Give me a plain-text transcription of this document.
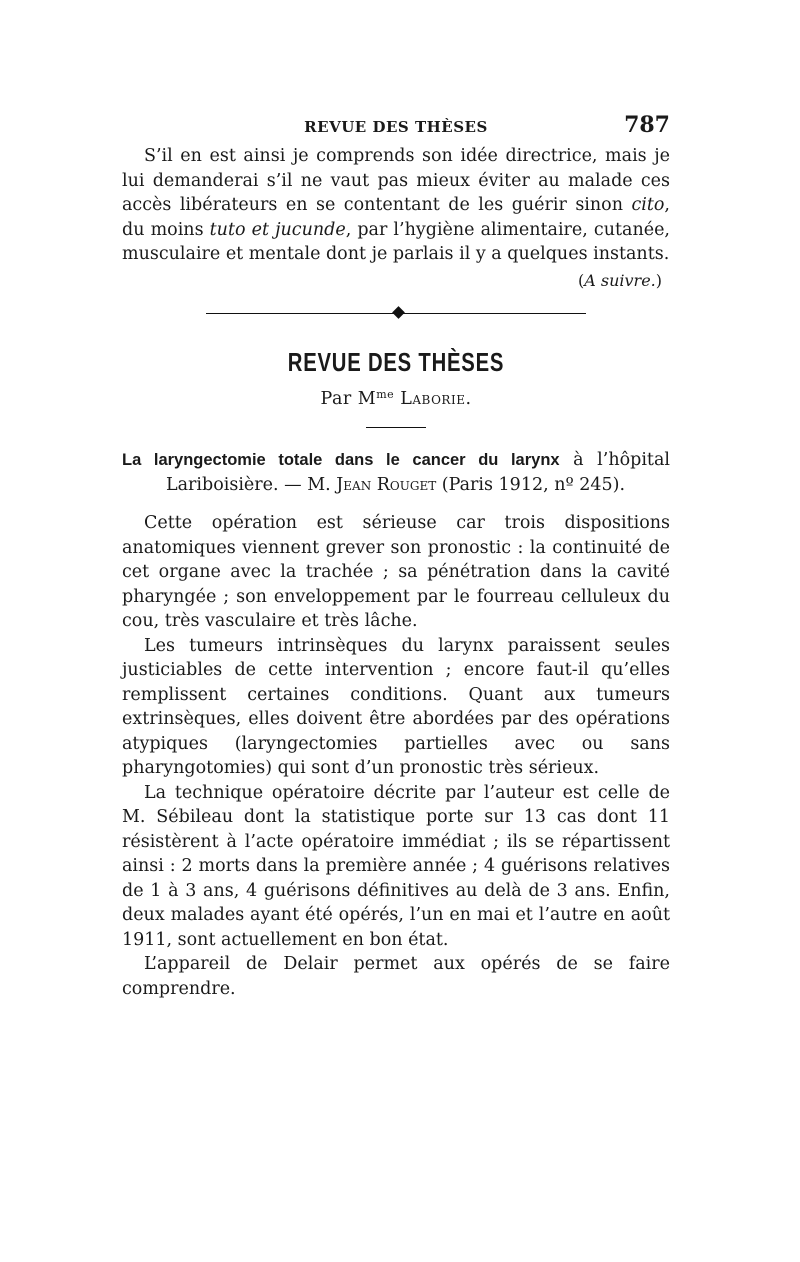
REVUE DES THÈSES	787

S’il en est ainsi je comprends son idée directrice, mais je lui demanderai s’il ne vaut pas mieux éviter au malade ces accès libérateurs en se contentant de les guérir sinon cito, du moins tuto et jucunde, par l’hygiène alimentaire, cutanée, musculaire et mentale dont je parlais il y a quelques instants.

(A suivre.)
REVUE DES THÈSES
Par $M^{me}$ Laborie.

La laryngectomie totale dans le cancer du larynx à l’hôpital Lariboisière. — M. Jean Rouget (Paris 1912, nº 245).

Cette opération est sérieuse car trois dispositions anatomiques viennent grever son pronostic : la continuité de cet organe avec la trachée ; sa pénétration dans la cavité pharyngée ; son enveloppement par le fourreau celluleux du cou, très vasculaire et très lâche.

Les tumeurs intrinsèques du larynx paraissent seules justiciables de cette intervention ; encore faut-il qu’elles remplissent certaines conditions. Quant aux tumeurs extrinsèques, elles doivent être abordées par des opérations atypiques (laryngectomies partielles avec ou sans pharyngotomies) qui sont d’un pronostic très sérieux.

La technique opératoire décrite par l’auteur est celle de M. Sébileau dont la statistique porte sur 13 cas dont 11 résistèrent à l’acte opératoire immédiat ; ils se répartissent ainsi : 2 morts dans la première année ; 4 guérisons relatives de 1 à 3 ans, 4 guérisons définitives au delà de 3 ans. Enfin, deux malades ayant été opérés, l’un en mai et l’autre en août 1911, sont actuellement en bon état.

L’appareil de Delair permet aux opérés de se faire comprendre.
